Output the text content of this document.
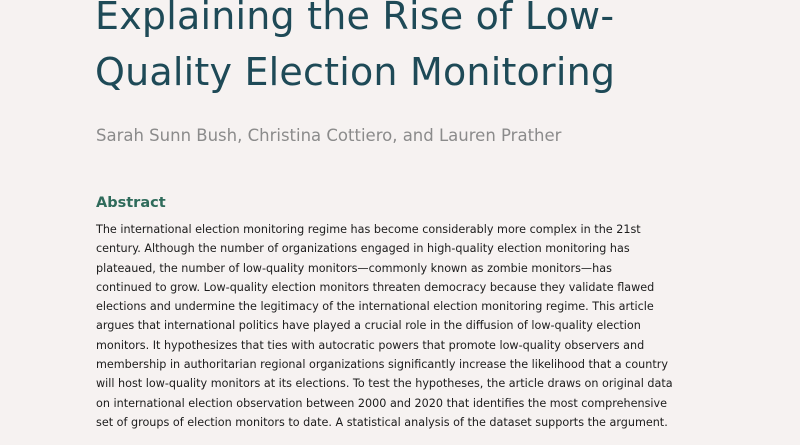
Explaining the Rise of Low-
Quality Election Monitoring

Sarah Sunn Bush, Christina Cottiero, and Lauren Prather

Abstract
The international election monitoring regime has become considerably more complex in the 21st
century. Although the number of organizations engaged in high-quality election monitoring has
plateaued, the number of low-quality monitors—commonly known as zombie monitors—has
continued to grow. Low-quality election monitors threaten democracy because they validate flawed
elections and undermine the legitimacy of the international election monitoring regime. This article
argues that international politics have played a crucial role in the diffusion of low-quality election
monitors. It hypothesizes that ties with autocratic powers that promote low-quality observers and
membership in authoritarian regional organizations significantly increase the likelihood that a country
will host low-quality monitors at its elections. To test the hypotheses, the article draws on original data
on international election observation between 2000 and 2020 that identifies the most comprehensive
set of groups of election monitors to date. A statistical analysis of the dataset supports the argument.
